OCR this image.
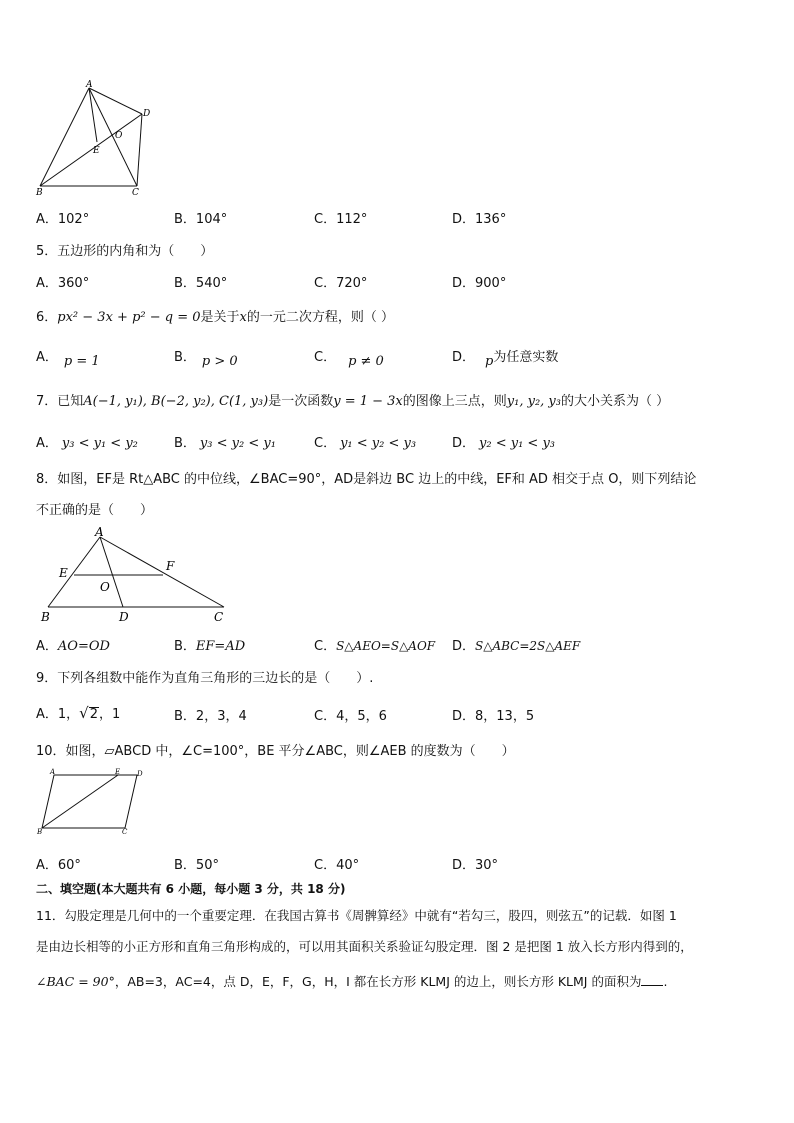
A
B	C
D
E
O
A．102°	B．104°	C．112°	D．136°
5．五边形的内角和为（　　）
A．360°	B．540°	C．720°	D．900°
6．px² − 3x + p² − q = 0是关于x的一元二次方程，则（ ）
A． p = 1	B． p > 0	C． p ≠ 0	D． p为任意实数
7．已知A(−1, y₁), B(−2, y₂), C(1, y₃)是一次函数y = 1 − 3x的图像上三点，则y₁, y₂, y₃的大小关系为（ ）
A． y₃ < y₁ < y₂	B． y₃ < y₂ < y₁	C． y₁ < y₂ < y₃	D． y₂ < y₁ < y₃
8．如图，EF是 Rt△ABC 的中位线，∠BAC=90°，AD是斜边 BC 边上的中线，EF和 AD 相交于点 O，则下列结论
不正确的是（　　）
A
B	C
D
E	F
O
A．AO=OD	B．EF=AD	C．S△AEO=S△AOF D．S△ABC=2S△AEF
9．下列各组数中能作为直角三角形的三边长的是（　　）.
A．1，√2，1	B．2，3，4	C．4，5，6	D．8，13，5
10．如图，▱ABCD 中，∠C=100°，BE 平分∠ABC，则∠AEB 的度数为（　　）
A
B	C
D
E
A．60°	B．50°	C．40°	D．30°
二、填空题(本大题共有 6 小题，每小题 3 分，共 18 分)
11．勾股定理是几何中的一个重要定理．在我国古算书《周髀算经》中就有“若勾三，股四，则弦五”的记载．如图 1
是由边长相等的小正方形和直角三角形构成的，可以用其面积关系验证勾股定理．图 2 是把图 1 放入长方形内得到的，
∠BAC = 90°，AB=3，AC=4，点 D，E，F，G，H，I 都在长方形 KLMJ 的边上，则长方形 KLMJ 的面积为 .
